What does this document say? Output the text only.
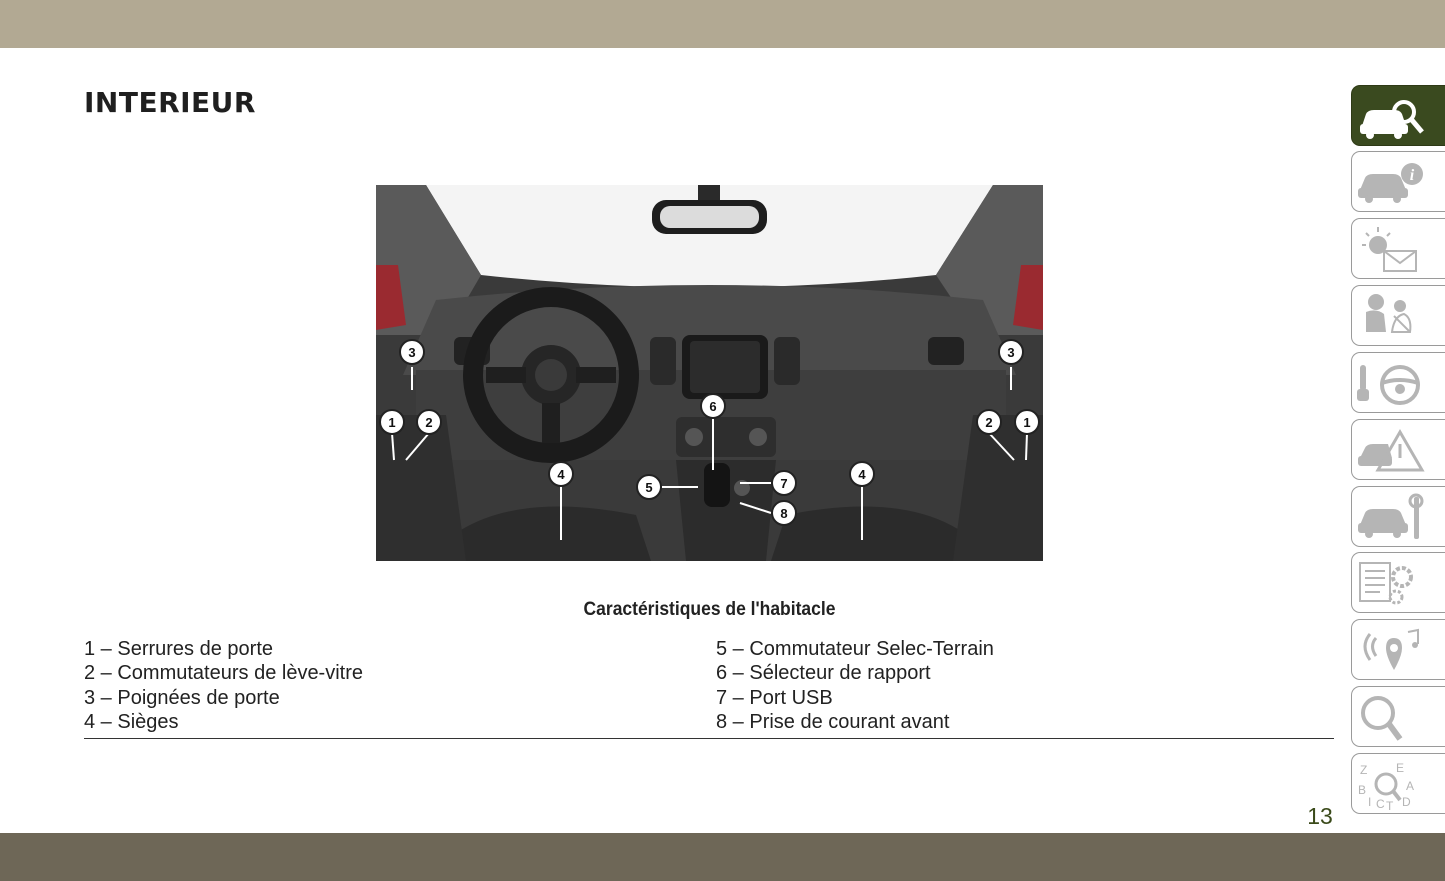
INTERIEUR
3	3
1 2	2 1
6
4	4
5	7
8
Caractéristiques de l'habitacle
1 – Serrures de porte
2 – Commutateurs de lève-vitre
3 – Poignées de porte
4 – Sièges
5 – Commutateur Selec-Terrain
6 – Sélecteur de rapport
7 – Port USB
8 – Prise de courant avant
13
i
Z E
B	A
I C T D
